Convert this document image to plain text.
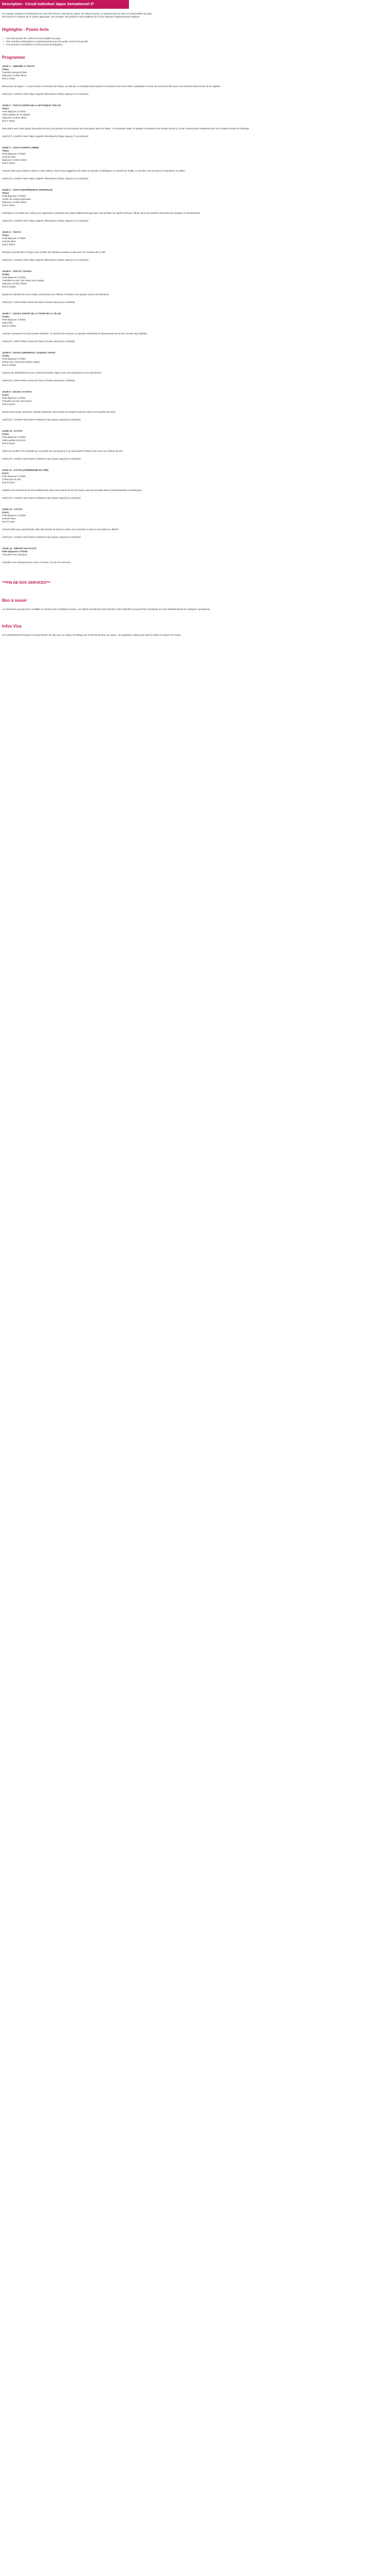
Description - Circuit individuel Japon Sensationnel 3*

Un voyage complet et enrichissant au cœur des trésors culturels du Japon, de Tokyo à Kyoto, en passant par les sites incontournables du pays.

Découvrez la richesse de la culture japonaise, ses temples, ses jardins et ses traditions au fil d'un itinéraire soigneusement élaboré.

Highlights - Points forts
• Une découverte de 3 villes incontournables du pays
• Des activités authentiques et passionnantes pour les petits comme les grands
• Une journée à Hiroshima à la découverte de Miyajima
Programme
JOUR 1 - ARRIVÉE À TOKYO
Tokyo
Transfert aéroport-hôtel
Déjeuner et dîner libres
Nuit à Tokyo

Bienvenue au Japon ! À votre arrivée à l'aéroport de Tokyo, accueil par un assistant francophone et transfert vers votre hôtel. Installation et reste de la journée libre pour une première découverte de la capitale.

Hotel (3*): Comfort Hotel Tokyo Higashi Nihombashi (Tokyo Japon) (7 ou similaire)
JOUR 2 - TOKYO (VISITE DE LA MYTHIQUE TOKYO)
Tokyo
Petit-déjeuner à l'hôtel
Visite guidée de la capitale
Déjeuner et dîner libres
Nuit à Tokyo

Rencontre avec votre guide francophone pour une journée de découverte des principaux sites de Tokyo : le sanctuaire Meiji, le quartier d'Asakusa et le temple Senso-ji, la rue commerçante Nakamise-dori et le quartier animé de Shibuya.

Hotel (3*): Comfort Hotel Tokyo Higashi Nihombashi (Tokyo Japon) (7 ou similaire)
JOUR 3 - TOKYO (VISITE LIBRE)
Tokyo
Petit-déjeuner à l'hôtel
Journée libre
Déjeuner et dîner libres
Nuit à Tokyo

Journée libre pour explorer Tokyo à votre rythme. Nous vous suggérons de visiter le quartier d'Akihabara, le marché de Tsukiji, ou de faire une excursion à Kamakura ou Nikko.

Hotel (3*): Comfort Hotel Tokyo Higashi Nihombashi (Tokyo Japon) (7 ou similaire)
JOUR 4 - TOKYO (EXPÉRIENCE ORIGINALE)
Tokyo
Petit-déjeuner à l'hôtel
Atelier de cuisine japonaise
Déjeuner et dîner libres
Nuit à Tokyo

Participez à un atelier de cuisine pour apprendre à préparer des plats traditionnels japonais, puis profitez de l'après-midi pour flâner dans les quartiers branchés de Harajuku et Omotesando.

Hotel (3*): Comfort Hotel Tokyo Higashi Nihombashi (Tokyo Japon) (7 ou similaire)
JOUR 5 - TOKYO
Tokyo
Petit-déjeuner à l'hôtel
Journée libre
Nuit à Tokyo

Dernière journée libre à Tokyo pour profiter des derniers achats ou découvrir les musées de la ville.

Hotel (3*): Comfort Hotel Tokyo Higashi Nihombashi (Tokyo Japon) (7 ou similaire)
JOUR 6 - TOKYO / OSAKA
Osaka
Petit-déjeuner à l'hôtel
Transfert en train (JR Pass) vers Osaka
Déjeuner et dîner libres
Nuit à Osaka

Départ en shinkansen vers Osaka. Découverte du château d'Osaka et du quartier animé de Dotonbori.

Hotel (3*): Hotel Keihan Universal Tower (Osaka Japon) (ou similaire)
JOUR 7 - OSAKA (VISITE DE LA TOUR DE LA VILLE)
Osaka
Petit-déjeuner à l'hôtel
Visite libre
Nuit à Osaka

Journée consacrée à la découverte d'Osaka : le marché de Kuromon, le quartier Shinsekai et l'observatoire de la tour Umeda Sky Building.

Hotel (3*): Hotel Keihan Universal Tower (Osaka Japon) (ou similaire)
JOUR 8 - OSAKA UNIVERSAL STUDIOS JAPAN
Osaka
Petit-déjeuner à l'hôtel
Entrée aux Universal Studios Japan
Nuit à Osaka

Journée de divertissement aux Universal Studios Japan avec ses attractions et ses spectacles.

Hotel (3*): Hotel Keihan Universal Tower (Osaka Japon) (ou similaire)
JOUR 9 - OSAKA / KYOTO
Kyoto
Petit-déjeuner à l'hôtel
Transfert en train vers Kyoto
Nuit à Kyoto

Départ pour Kyoto, ancienne capitale impériale. Découverte du temple Kiyomizu-dera et du quartier de Gion.

Hotel (3*): Comfort Hotel Kyoto Horikawa Gojo (Kyoto Japon) (ou similaire)
JOUR 10 - KYOTO
Kyoto
Petit-déjeuner à l'hôtel
Visite guidée de Kyoto
Nuit à Kyoto

Visite du Pavillon d'Or (Kinkaku-ji), du jardin zen du Ryoan-ji et du sanctuaire Fushimi Inari avec ses milliers de torii.

Hotel (3*): Comfort Hotel Kyoto Horikawa Gojo (Kyoto Japon) (ou similaire)
JOUR 11 - KYOTO (CÉRÉMONIE DU THÉ)
Kyoto
Petit-déjeuner à l'hôtel
Cérémonie du thé
Nuit à Kyoto

Initiation à la cérémonie du thé traditionnelle dans une maison de thé de Kyoto, puis promenade dans la bambouseraie d'Arashiyama.

Hotel (3*): Comfort Hotel Kyoto Horikawa Gojo (Kyoto Japon) (ou similaire)
JOUR 12 - KYOTO
Kyoto
Petit-déjeuner à l'hôtel
Journée libre
Nuit à Kyoto

Journée libre pour approfondir votre découverte de Kyoto ou faire une excursion à Nara et ses daims en liberté.

Hotel (3*): Comfort Hotel Kyoto Horikawa Gojo (Kyoto Japon) (ou similaire)
JOUR 13 - DÉPART DE KYOTO
Petit-déjeuner à l'hôtel
Transfert vers l'aéroport

Transfert vers l'aéroport pour votre vol retour. Fin de nos services.

***FIN DE NOS SERVICES***
Bon à savoir

Les itinéraires peuvent être modifiés en fonction des conditions locales. Les hôtels mentionnés sont donnés à titre indicatif et peuvent être remplacés par des établissements de catégorie équivalente.

Infos Visa

Les ressortissants français n'ont pas besoin de visa pour un séjour touristique de moins de 90 jours au Japon. Un passeport valide pour toute la durée du séjour est requis.
